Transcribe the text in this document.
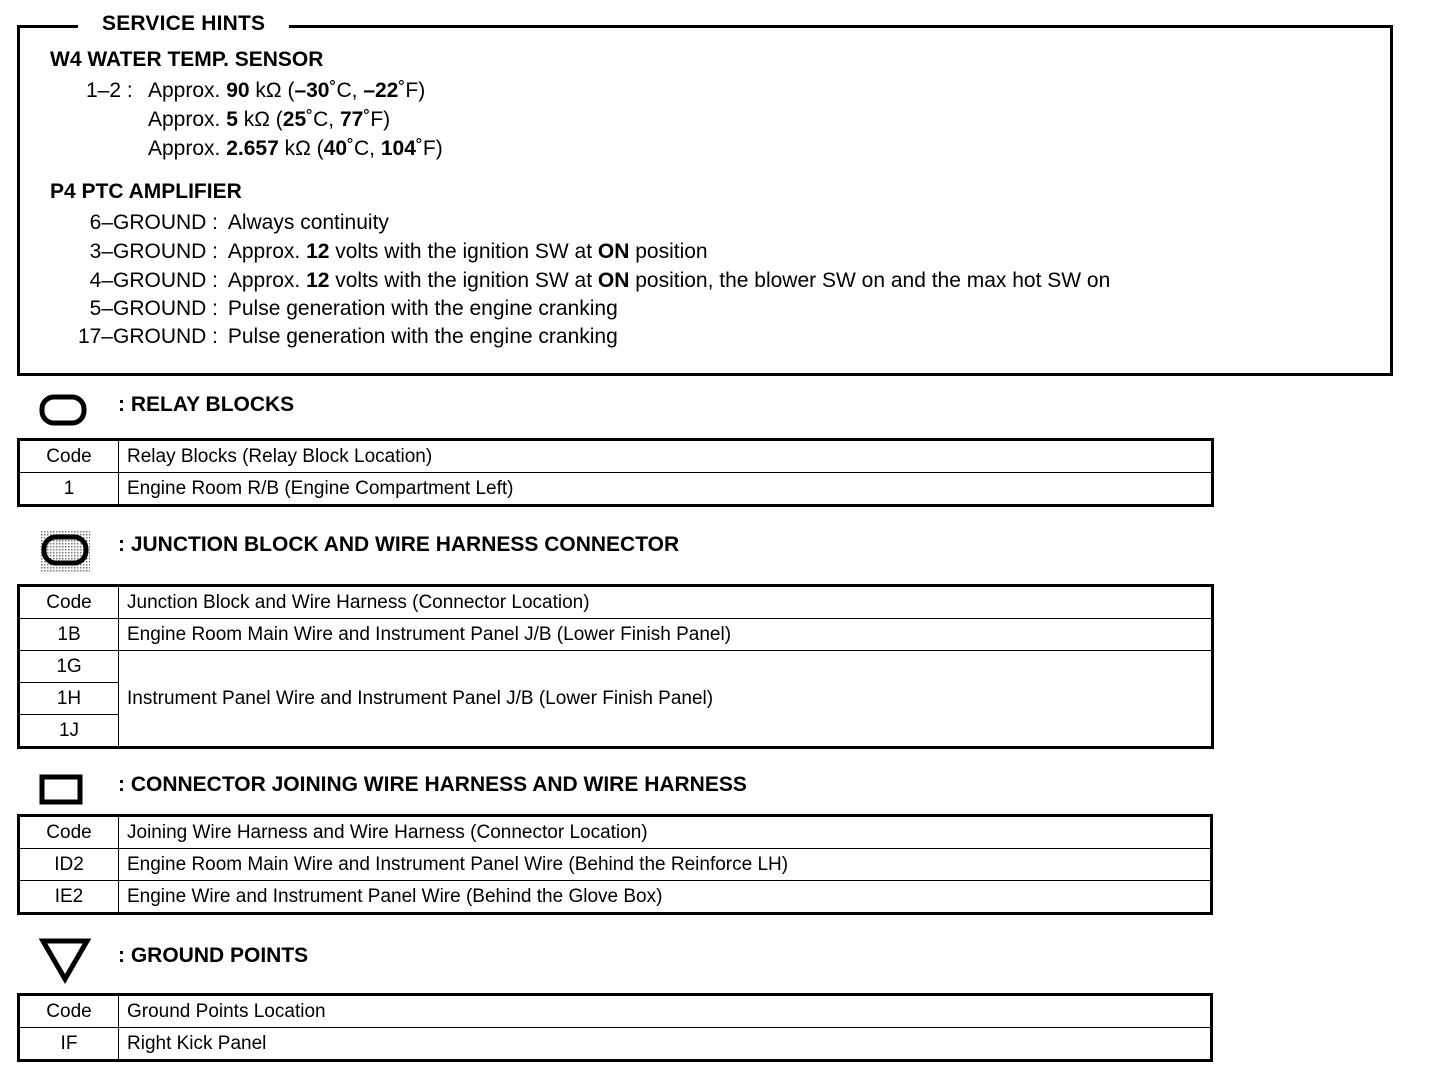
SERVICE HINTS
W4 WATER TEMP. SENSOR
1–2 : Approx. 90 kΩ (–30˚C, –22˚F)
Approx. 5 kΩ (25˚C, 77˚F)
Approx. 2.657 kΩ (40˚C, 104˚F)
P4 PTC AMPLIFIER
6–GROUND : Always continuity
3–GROUND : Approx. 12 volts with the ignition SW at ON position
4–GROUND : Approx. 12 volts with the ignition SW at ON position, the blower SW on and the max hot SW on
5–GROUND : Pulse generation with the engine cranking
17–GROUND : Pulse generation with the engine cranking
: RELAY BLOCKS
Code	Relay Blocks (Relay Block Location)
1	Engine Room R/B (Engine Compartment Left)
: JUNCTION BLOCK AND WIRE HARNESS CONNECTOR
Code	Junction Block and Wire Harness (Connector Location)
1B	Engine Room Main Wire and Instrument Panel J/B (Lower Finish Panel)
1G	Instrument Panel Wire and Instrument Panel J/B (Lower Finish Panel)
1H	
1J	
: CONNECTOR JOINING WIRE HARNESS AND WIRE HARNESS
Code	Joining Wire Harness and Wire Harness (Connector Location)
ID2	Engine Room Main Wire and Instrument Panel Wire (Behind the Reinforce LH)
IE2	Engine Wire and Instrument Panel Wire (Behind the Glove Box)
: GROUND POINTS
Code	Ground Points Location
IF	Right Kick Panel
